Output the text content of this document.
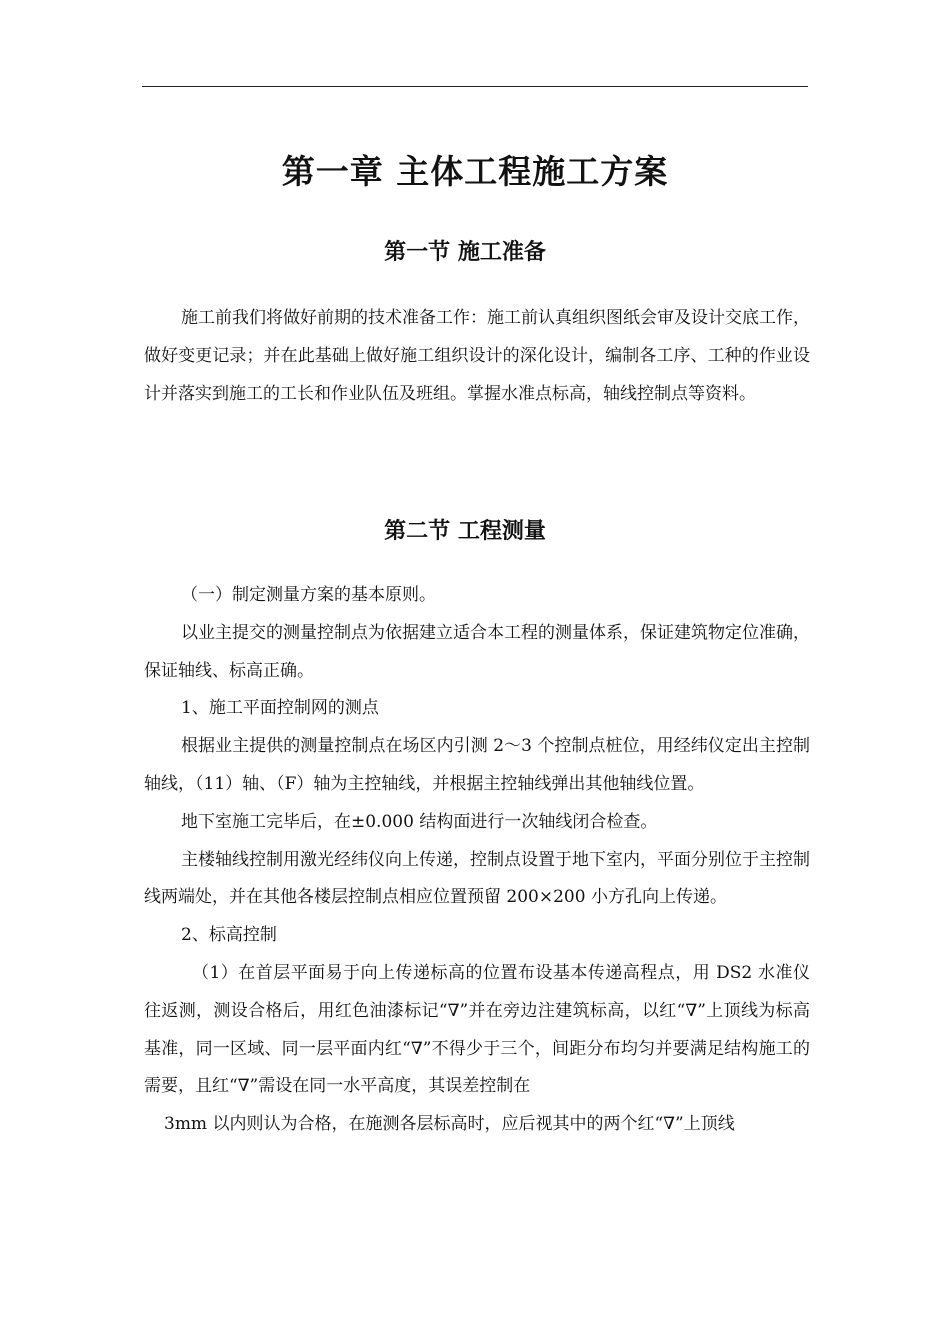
第一章 主体工程施工方案
第一节 施工准备

施工前我们将做好前期的技术准备工作：施工前认真组织图纸会审及设计交底工作，做好变更记录；并在此基础上做好施工组织设计的深化设计，编制各工序、工种的作业设计并落实到施工的工长和作业队伍及班组。掌握水准点标高，轴线控制点等资料。

第二节 工程测量

（一）制定测量方案的基本原则。

以业主提交的测量控制点为依据建立适合本工程的测量体系，保证建筑物定位准确，保证轴线、标高正确。

1、施工平面控制网的测点

根据业主提供的测量控制点在场区内引测 2～3 个控制点桩位，用经纬仪定出主控制轴线，（11）轴、（F）轴为主控轴线，并根据主控轴线弹出其他轴线位置。

地下室施工完毕后，在±0.000 结构面进行一次轴线闭合检查。

主楼轴线控制用激光经纬仪向上传递，控制点设置于地下室内，平面分别位于主控制线两端处，并在其他各楼层控制点相应位置预留 200×200 小方孔向上传递。

2、标高控制

（1）在首层平面易于向上传递标高的位置布设基本传递高程点，用 DS2 水准仪往返测，测设合格后，用红色油漆标记“∇”并在旁边注建筑标高，以红“∇”上顶线为标高基准，同一区域、同一层平面内红“∇”不得少于三个，间距分布均匀并要满足结构施工的需要，且红“∇”需设在同一水平高度，其误差控制在

3mm 以内则认为合格，在施测各层标高时，应后视其中的两个红“∇”上顶线
